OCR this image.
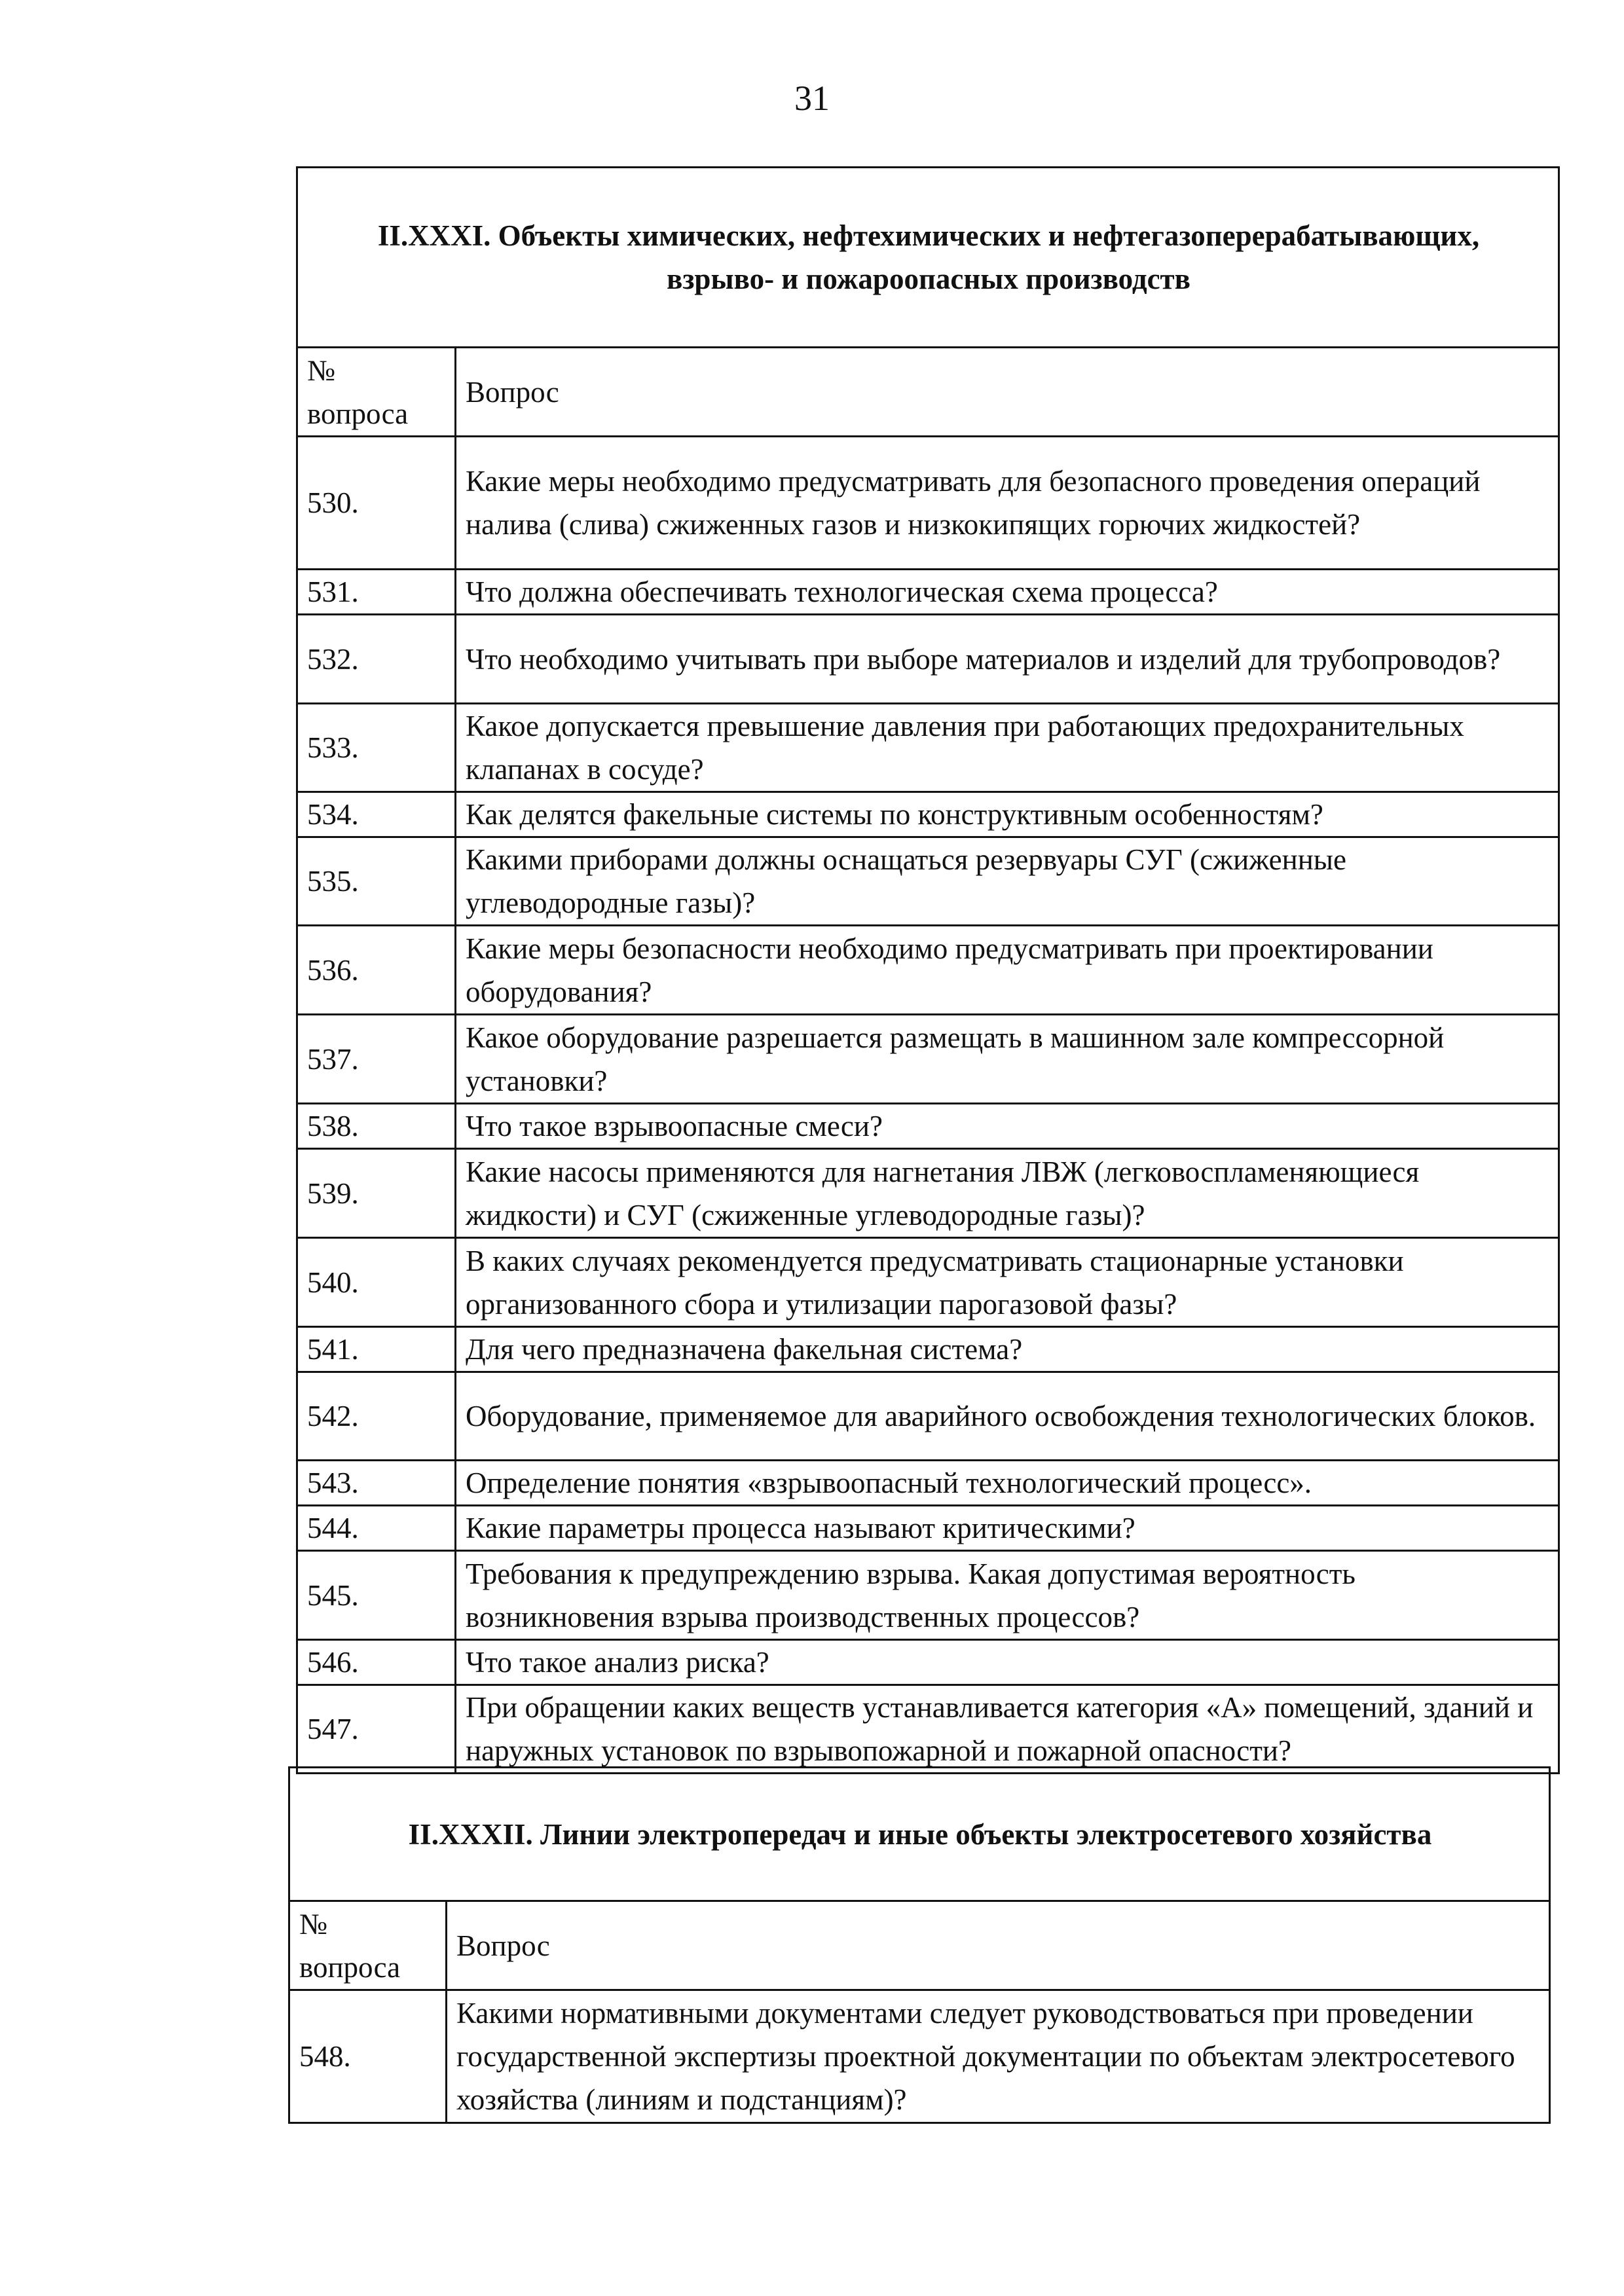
31
II.XXXI. Объекты химических, нефтехимических и нефтегазоперерабатывающих,
взрыво- и пожароопасных производств	

№
вопроса	Вопрос
530.	Какие меры необходимо предусматривать для безопасного проведения операций налива (слива) сжиженных газов и низкокипящих горючих жидкостей?
531.	Что должна обеспечивать технологическая схема процесса?
532.	Что необходимо учитывать при выборе материалов и изделий для трубопроводов?
533.	Какое допускается превышение давления при работающих предохранительных клапанах в сосуде?
534.	Как делятся факельные системы по конструктивным особенностям?
535.	Какими приборами должны оснащаться резервуары СУГ (сжиженные углеводородные газы)?
536.	Какие меры безопасности необходимо предусматривать при проектировании оборудования?
537.	Какое оборудование разрешается размещать в машинном зале компрессорной установки?
538.	Что такое взрывоопасные смеси?
539.	Какие насосы применяются для нагнетания ЛВЖ (легковоспламеняющиеся жидкости) и СУГ (сжиженные углеводородные газы)?
540.	В каких случаях рекомендуется предусматривать стационарные установки организованного сбора и утилизации парогазовой фазы?
541.	Для чего предназначена факельная система?
542.	Оборудование, применяемое для аварийного освобождения технологических блоков.
543.	Определение понятия «взрывоопасный технологический процесс».
544.	Какие параметры процесса называют критическими?
545.	Требования к предупреждению взрыва. Какая допустимая вероятность возникновения взрыва производственных процессов?
546.	Что такое анализ риска?
547.	При обращении каких веществ устанавливается категория «А» помещений, зданий и наружных установок по взрывопожарной и пожарной опасности?
II.XXXII. Линии электропередач и иные объекты электросетевого хозяйства	

№
вопроса	Вопрос
548.	Какими нормативными документами следует руководствоваться при проведении государственной экспертизы проектной документации по объектам электросетевого хозяйства (линиям и подстанциям)?
